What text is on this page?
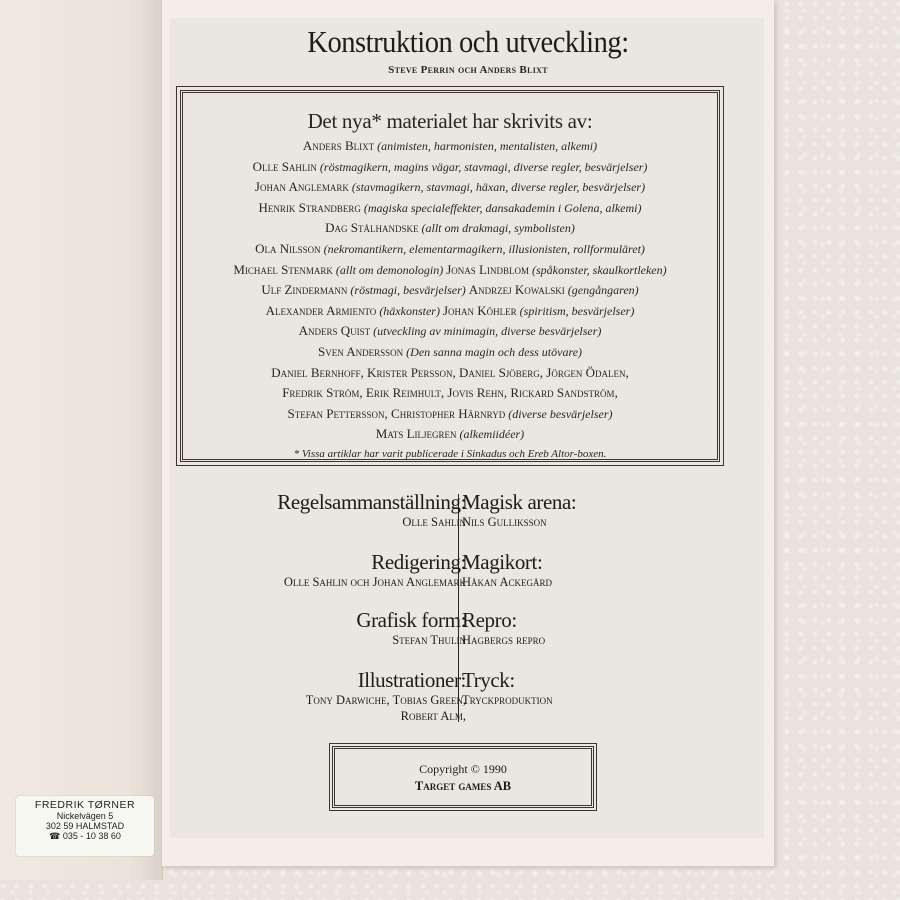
FREDRIK TØRNER
Nickelvägen 5
302 59 HALMSTAD
☎ 035 - 10 38 60
Konstruktion och utveckling:
Steve Perrin och Anders Blixt
Det nya* materialet har skrivits av:
Anders Blixt (animisten, harmonisten, mentalisten, alkemi)
Olle Sahlin (röstmagikern, magins vägar, stavmagi, diverse regler, besvärjelser)
Johan Anglemark (stavmagikern, stavmagi, häxan, diverse regler, besvärjelser)
Henrik Strandberg (magiska specialeffekter, dansakademin i Golena, alkemi)
Dag Stålhandske (allt om drakmagi, symbolisten)
Ola Nilsson (nekromantikern, elementarmagikern, illusionisten, rollformuläret)
Michael Stenmark (allt om demonologin) Jonas Lindblom (spåkonster, skaulkortleken)
Ulf Zindermann (röstmagi, besvärjelser) Andrzej Kowalski (gengångaren)
Alexander Armiento (häxkonster) Johan Köhler (spiritism, besvärjelser)
Anders Quist (utveckling av minimagin, diverse besvärjelser)
Sven Andersson (Den sanna magin och dess utövare)
Daniel Bernhoff, Krister Persson, Daniel Sjöberg, Jörgen Ödalen,
Fredrik Ström, Erik Reimhult, Jovis Rehn, Rickard Sandström,
Stefan Pettersson, Christopher Härnryd (diverse besvärjelser)
Mats Liljegren (alkemiidéer)
* Vissa artiklar har varit publicerade i Sinkadus och Ereb Altor-boxen.
Regelsammanställning:
Olle Sahlin
Redigering:
Olle Sahlin och Johan Anglemark
Grafisk form:
Stefan Thulin
Illustrationer:
Tony Darwiche, Tobias Green,
Robert Alm,
Magisk arena:
Nils Gulliksson
Magikort:
Håkan Ackegård
Repro:
Hagbergs repro
Tryck:
Tryckproduktion
Copyright © 1990
Target games AB
